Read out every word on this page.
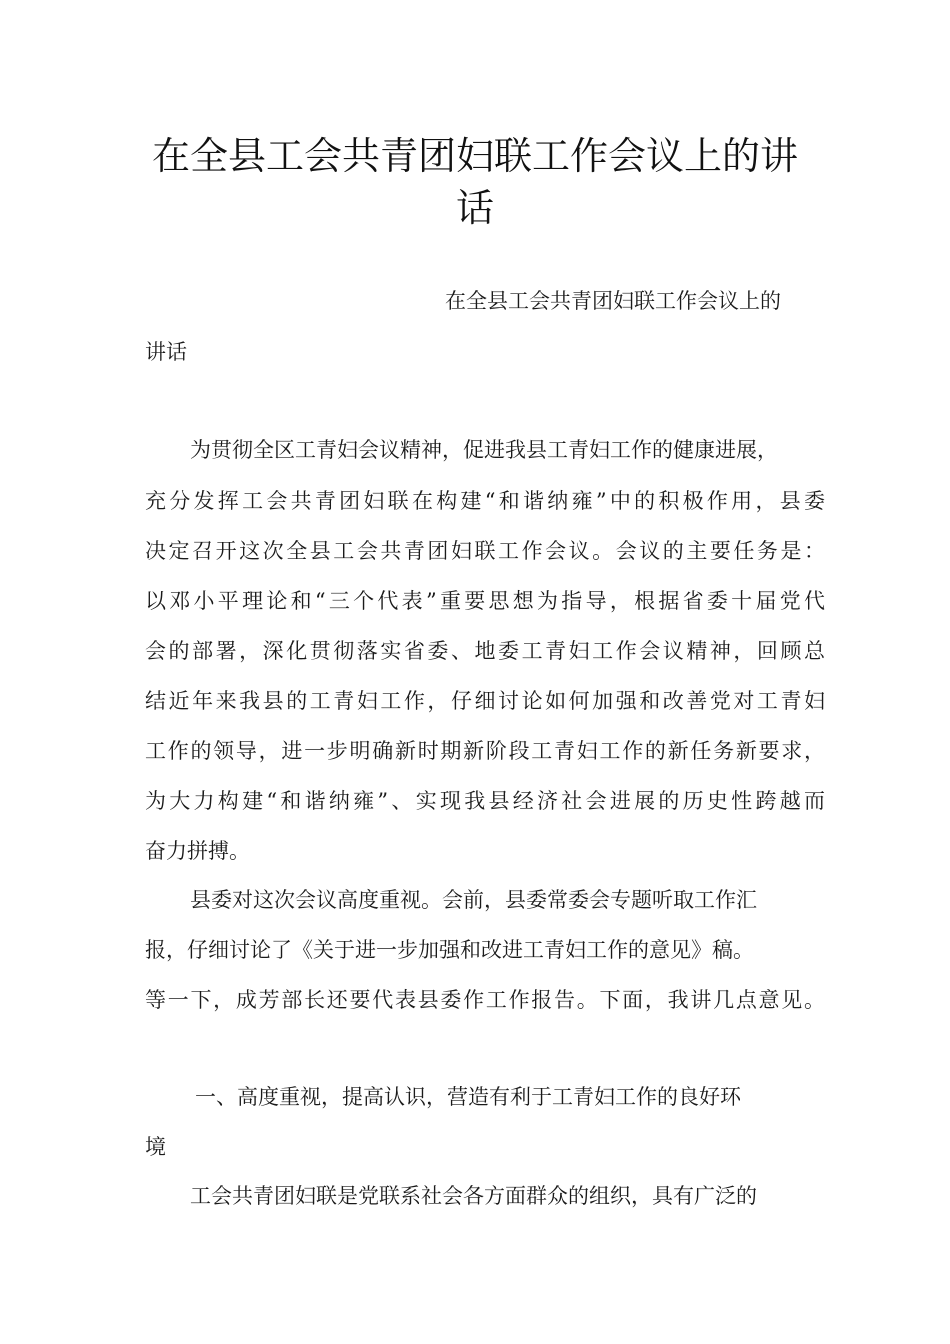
在全县工会共青团妇联工作会议上的讲
话
在全县工会共青团妇联工作会议上的
讲话
为贯彻全区工青妇会议精神，促进我县工青妇工作的健康进展，
充分发挥工会共青团妇联在构建“和谐纳雍”中的积极作用，县委
决定召开这次全县工会共青团妇联工作会议。会议的主要任务是：
以邓小平理论和“三个代表”重要思想为指导，根据省委十届党代
会的部署，深化贯彻落实省委、地委工青妇工作会议精神，回顾总
结近年来我县的工青妇工作，仔细讨论如何加强和改善党对工青妇
工作的领导，进一步明确新时期新阶段工青妇工作的新任务新要求，
为大力构建“和谐纳雍”、实现我县经济社会进展的历史性跨越而
奋力拼搏。
县委对这次会议高度重视。会前，县委常委会专题听取工作汇
报，仔细讨论了《关于进一步加强和改进工青妇工作的意见》稿。
等一下，成芳部长还要代表县委作工作报告。下面，我讲几点意见。
一、高度重视，提高认识，营造有利于工青妇工作的良好环
境
工会共青团妇联是党联系社会各方面群众的组织，具有广泛的
